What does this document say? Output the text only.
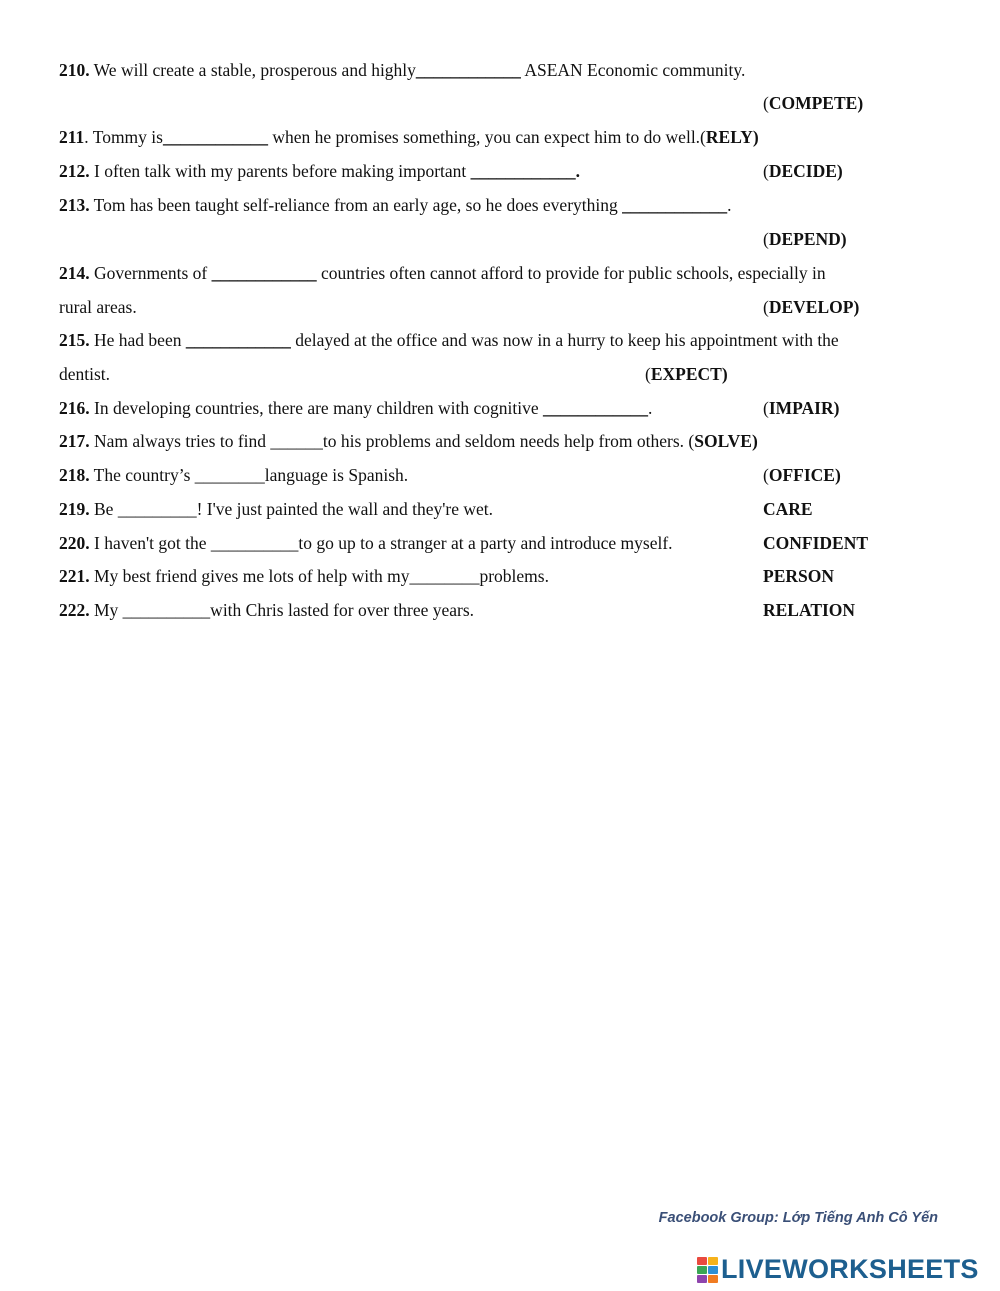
210. We will create a stable, prosperous and highly____________ ASEAN Economic community.
(COMPETE)
211. Tommy is____________ when he promises something, you can expect him to do well.(RELY)
212. I often talk with my parents before making important ____________.	(DECIDE)
213. Tom has been taught self-reliance from an early age, so he does everything ____________.
(DEPEND)
214. Governments of ____________ countries often cannot afford to provide for public schools, especially in
rural areas.	(DEVELOP)
215. He had been ____________ delayed at the office and was now in a hurry to keep his appointment with the
dentist.	(EXPECT)
216. In developing countries, there are many children with cognitive ____________.	(IMPAIR)
217. Nam always tries to find ______to his problems and seldom needs help from others. (SOLVE)
218. The country’s ________language is Spanish.	(OFFICE)
219. Be _________! I've just painted the wall and they're wet.	CARE
220. I haven't got the __________to go up to a stranger at a party and introduce myself.	CONFIDENT
221. My best friend gives me lots of help with my________problems.	PERSON
222. My __________with Chris lasted for over three years.	RELATION
Facebook Group: Lớp Tiếng Anh Cô Yến
LIVEWORKSHEETS
